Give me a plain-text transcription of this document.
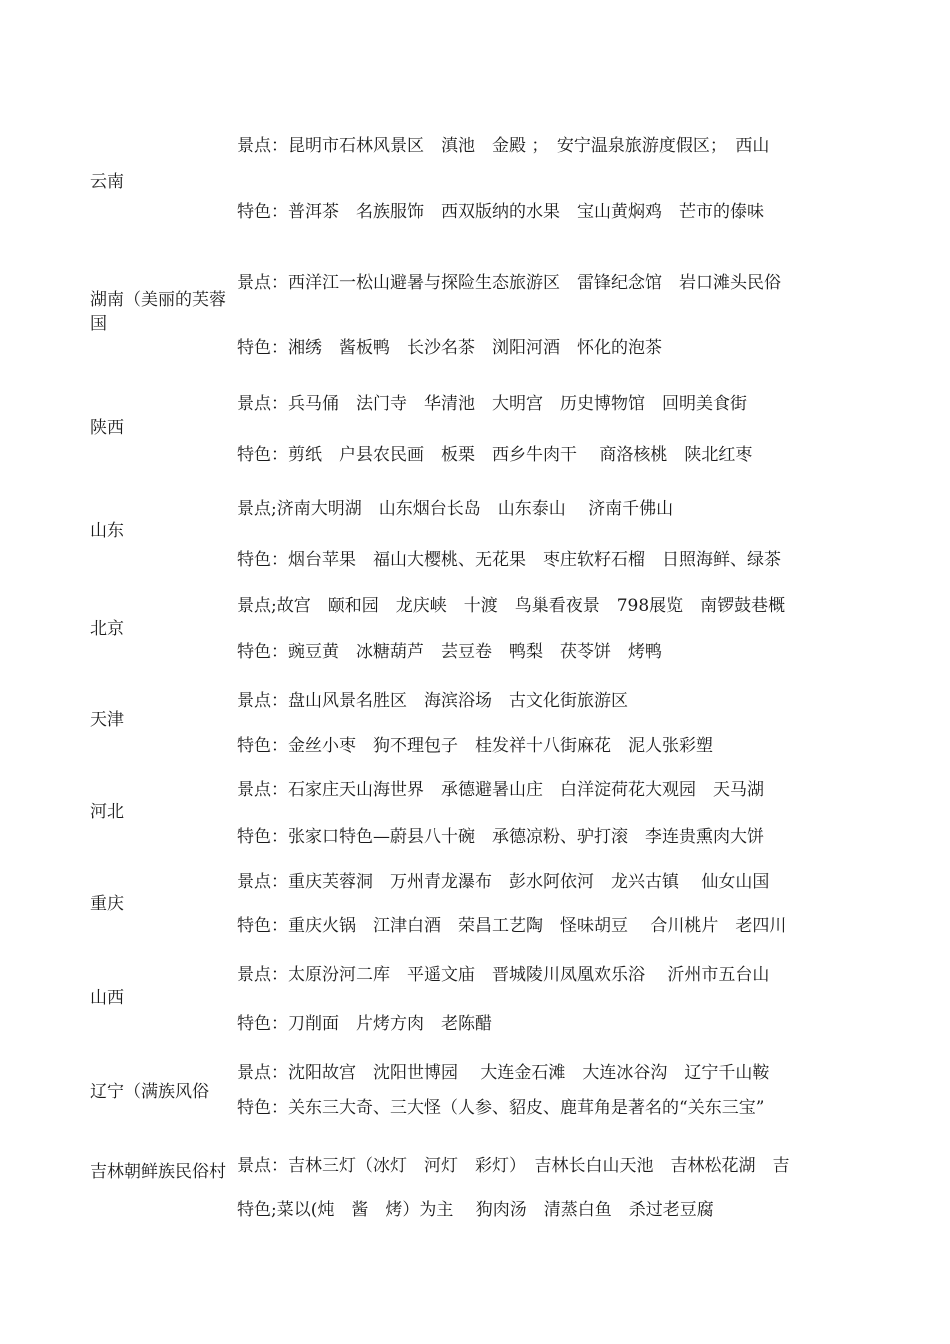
云南
景点：昆明市石林风景区　滇池　金殿 ；　安宁温泉旅游度假区；　西山
特色：普洱茶　名族服饰　西双版纳的水果　宝山黄焖鸡　芒市的傣味
湖南（美丽的芙蓉国
景点：西洋江一松山避暑与探险生态旅游区　雷锋纪念馆　岩口滩头民俗
特色：湘绣　酱板鸭　长沙名茶　浏阳河酒　怀化的泡茶
陕西
景点：兵马俑　法门寺　华清池　大明宫　历史博物馆　回明美食街
特色：剪纸　户县农民画　板栗　西乡牛肉干　 商洛核桃　陕北红枣
山东
景点;济南大明湖　山东烟台长岛　山东泰山　 济南千佛山
特色：烟台苹果　福山大樱桃、无花果　枣庄软籽石榴　日照海鲜、绿茶
北京
景点;故宫　颐和园　龙庆峡　十渡　鸟巢看夜景　798展览　南锣鼓巷概
特色：豌豆黄　冰糖葫芦　芸豆卷　鸭梨　茯苓饼　烤鸭
天津
景点：盘山风景名胜区　海滨浴场　古文化街旅游区
特色：金丝小枣　狗不理包子　桂发祥十八街麻花　泥人张彩塑
河北
景点：石家庄天山海世界　承德避暑山庄　白洋淀荷花大观园　天马湖
特色：张家口特色—蔚县八十碗　承德凉粉、驴打滚　李连贵熏肉大饼
重庆
景点：重庆芙蓉洞　万州青龙瀑布　彭水阿依河　龙兴古镇　 仙女山国
特色：重庆火锅　江津白酒　荣昌工艺陶　怪味胡豆　 合川桃片　老四川
山西
景点：太原汾河二库　平遥文庙　晋城陵川凤凰欢乐浴　 沂州市五台山
特色：刀削面　片烤方肉　老陈醋
辽宁（满族风俗
景点：沈阳故宫　沈阳世博园　 大连金石滩　大连冰谷沟　辽宁千山鞍
特色：关东三大奇、三大怪（人参、貂皮、鹿茸角是著名的“关东三宝”
吉林朝鲜族民俗村 景点：吉林三灯（冰灯　河灯　彩灯）　吉林长白山天池　吉林松花湖　吉
特色;菜以(炖　酱　烤）为主　 狗肉汤　清蒸白鱼　杀过老豆腐
